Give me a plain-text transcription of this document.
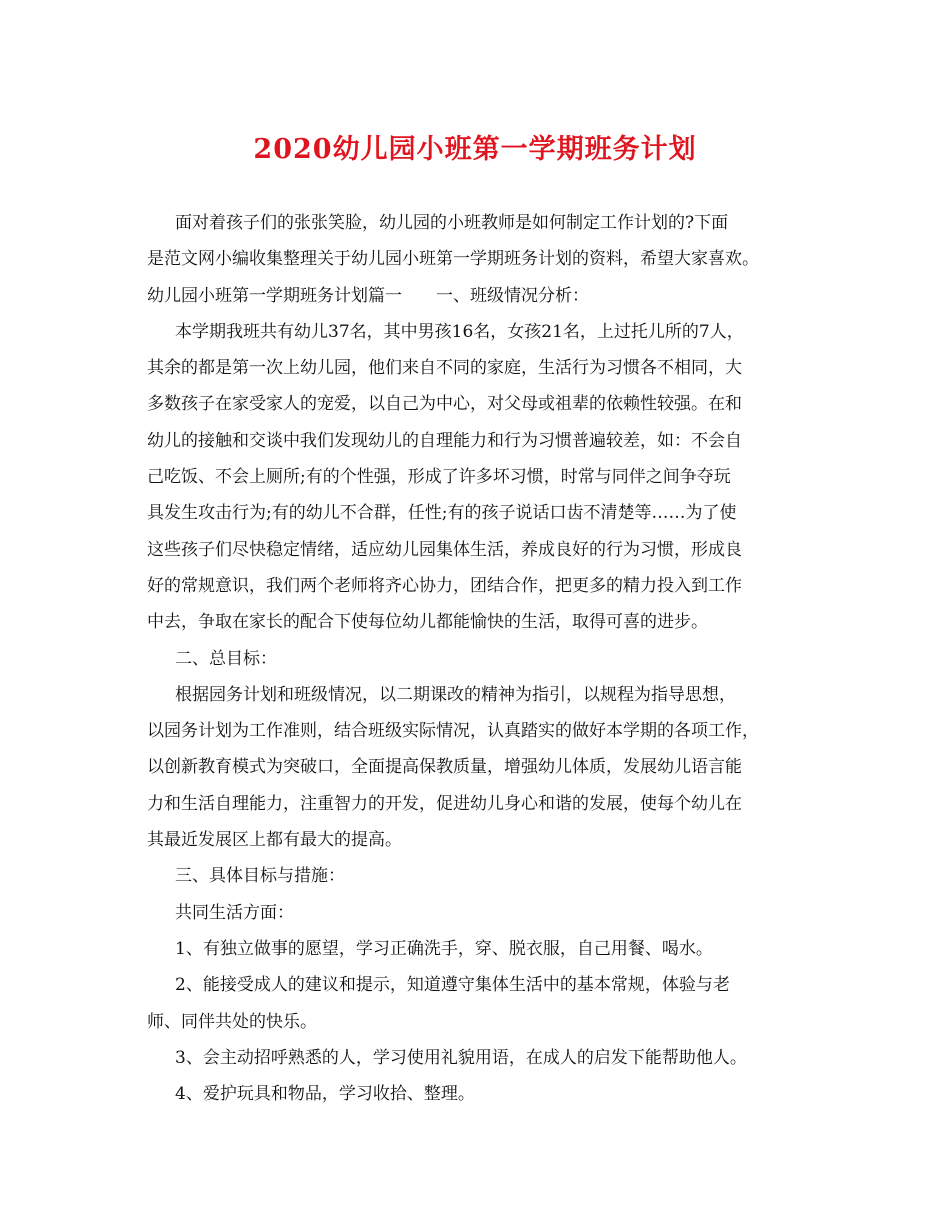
2020幼儿园小班第一学期班务计划
面对着孩子们的张张笑脸，幼儿园的小班教师是如何制定工作计划的?下面
是范文网小编收集整理关于幼儿园小班第一学期班务计划的资料，希望大家喜欢。
幼儿园小班第一学期班务计划篇一　　一、班级情况分析：
本学期我班共有幼儿37名，其中男孩16名，女孩21名，上过托儿所的7人，
其余的都是第一次上幼儿园，他们来自不同的家庭，生活行为习惯各不相同，大
多数孩子在家受家人的宠爱，以自己为中心，对父母或祖辈的依赖性较强。在和
幼儿的接触和交谈中我们发现幼儿的自理能力和行为习惯普遍较差，如：不会自
己吃饭、不会上厕所;有的个性强，形成了许多坏习惯，时常与同伴之间争夺玩
具发生攻击行为;有的幼儿不合群，任性;有的孩子说话口齿不清楚等……为了使
这些孩子们尽快稳定情绪，适应幼儿园集体生活，养成良好的行为习惯，形成良
好的常规意识，我们两个老师将齐心协力，团结合作，把更多的精力投入到工作
中去，争取在家长的配合下使每位幼儿都能愉快的生活，取得可喜的进步。
二、总目标：
根据园务计划和班级情况，以二期课改的精神为指引，以规程为指导思想，
以园务计划为工作准则，结合班级实际情况，认真踏实的做好本学期的各项工作，
以创新教育模式为突破口，全面提高保教质量，增强幼儿体质，发展幼儿语言能
力和生活自理能力，注重智力的开发，促进幼儿身心和谐的发展，使每个幼儿在
其最近发展区上都有最大的提高。
三、具体目标与措施：
共同生活方面：
1、有独立做事的愿望，学习正确洗手，穿、脱衣服，自己用餐、喝水。
2、能接受成人的建议和提示，知道遵守集体生活中的基本常规，体验与老
师、同伴共处的快乐。
3、会主动招呼熟悉的人，学习使用礼貌用语，在成人的启发下能帮助他人。
4、爱护玩具和物品，学习收拾、整理。
